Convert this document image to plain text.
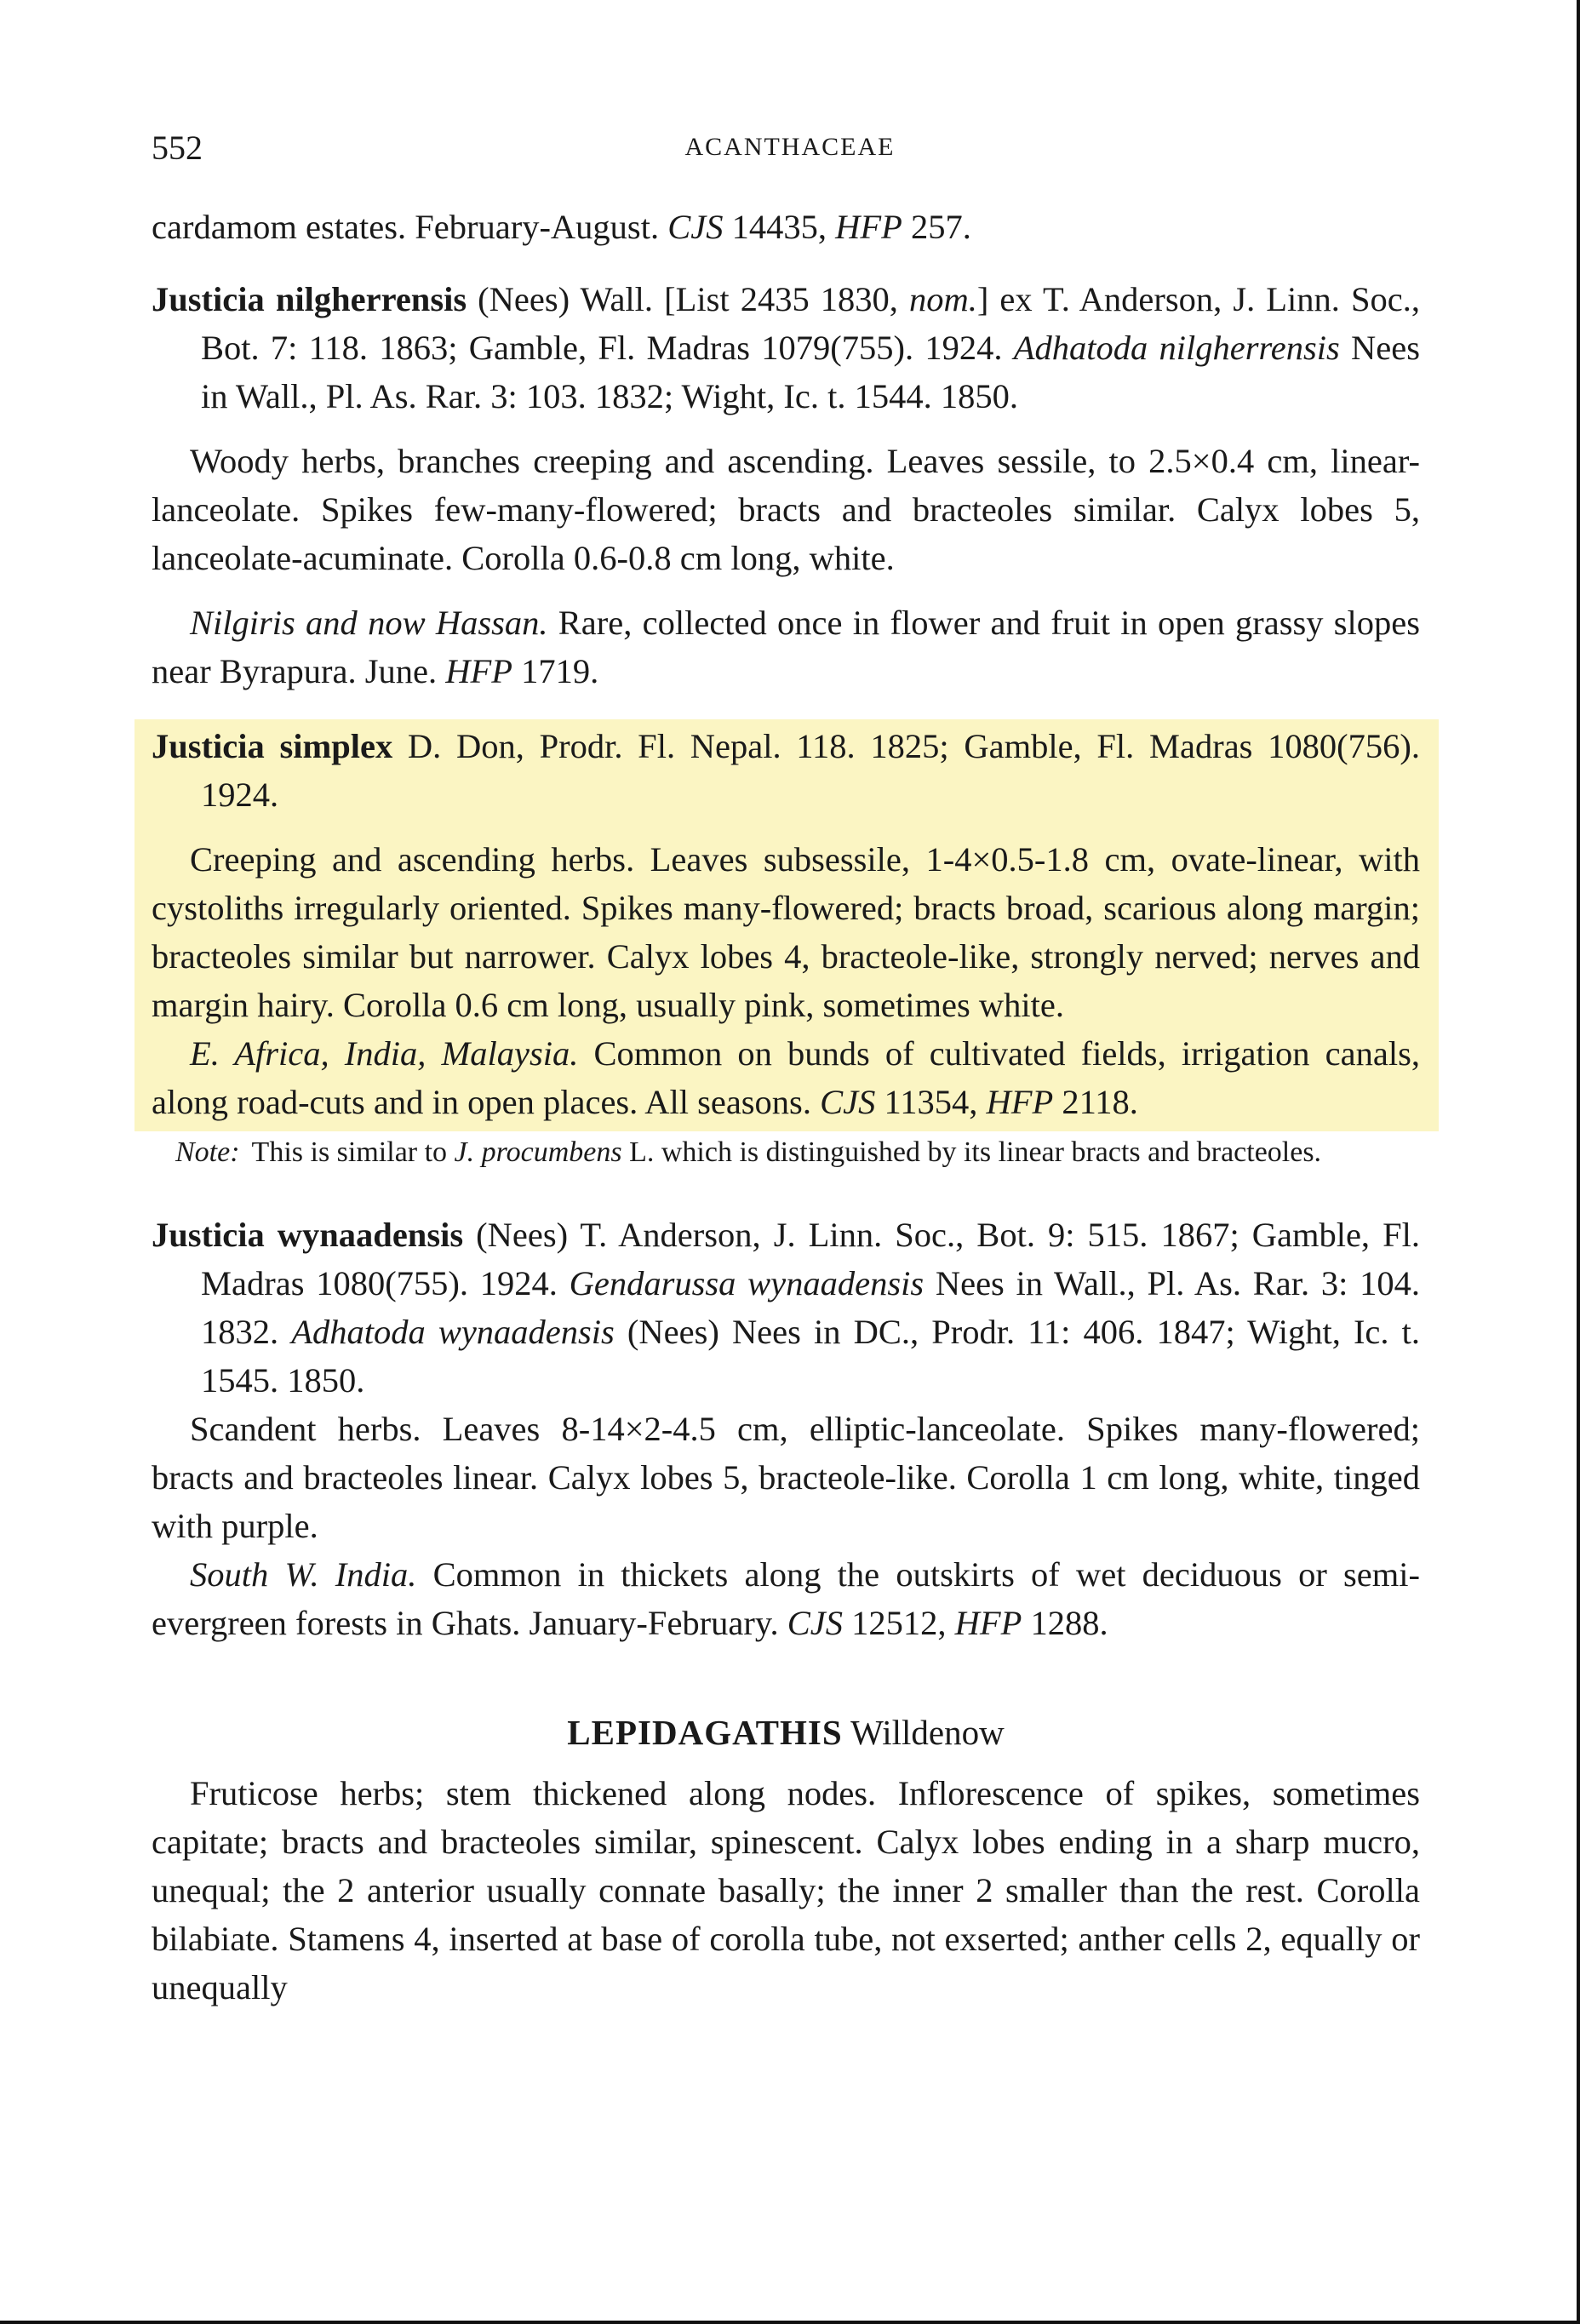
552	ACANTHACEAE

cardamom estates. February-August. CJS 14435, HFP 257.

Justicia nilgherrensis (Nees) Wall. [List 2435 1830, nom.] ex T. Anderson, J. Linn. Soc., Bot. 7: 118. 1863; Gamble, Fl. Madras 1079(755). 1924. Adhatoda nilgherrensis Nees in Wall., Pl. As. Rar. 3: 103. 1832; Wight, Ic. t. 1544. 1850.

Woody herbs, branches creeping and ascending. Leaves sessile, to 2.5×0.4 cm, linear-lanceolate. Spikes few-many-flowered; bracts and bracteoles similar. Calyx lobes 5, lanceolate-acuminate. Corolla 0.6-0.8 cm long, white.

Nilgiris and now Hassan. Rare, collected once in flower and fruit in open grassy slopes near Byrapura. June. HFP 1719.

Justicia simplex D. Don, Prodr. Fl. Nepal. 118. 1825; Gamble, Fl. Madras 1080(756). 1924.

Creeping and ascending herbs. Leaves subsessile, 1-4×0.5-1.8 cm, ovate-linear, with cystoliths irregularly oriented. Spikes many-flowered; bracts broad, scarious along margin; bracteoles similar but narrower. Calyx lobes 4, bracteole-like, strongly nerved; nerves and margin hairy. Corolla 0.6 cm long, usually pink, sometimes white.

E. Africa, India, Malaysia. Common on bunds of cultivated fields, irrigation canals, along road-cuts and in open places. All seasons. CJS 11354, HFP 2118.

Note: This is similar to J. procumbens L. which is distinguished by its linear bracts and bracteoles.

Justicia wynaadensis (Nees) T. Anderson, J. Linn. Soc., Bot. 9: 515. 1867; Gamble, Fl. Madras 1080(755). 1924. Gendarussa wynaadensis Nees in Wall., Pl. As. Rar. 3: 104. 1832. Adhatoda wynaadensis (Nees) Nees in DC., Prodr. 11: 406. 1847; Wight, Ic. t. 1545. 1850.

Scandent herbs. Leaves 8-14×2-4.5 cm, elliptic-lanceolate. Spikes many-flowered; bracts and bracteoles linear. Calyx lobes 5, bracteole-like. Corolla 1 cm long, white, tinged with purple.

South W. India. Common in thickets along the outskirts of wet deciduous or semi-evergreen forests in Ghats. January-February. CJS 12512, HFP 1288.

LEPIDAGATHIS Willdenow

Fruticose herbs; stem thickened along nodes. Inflorescence of spikes, sometimes capitate; bracts and bracteoles similar, spinescent. Calyx lobes ending in a sharp mucro, unequal; the 2 anterior usually connate basally; the inner 2 smaller than the rest. Corolla bilabiate. Stamens 4, inserted at base of corolla tube, not exserted; anther cells 2, equally or unequally
